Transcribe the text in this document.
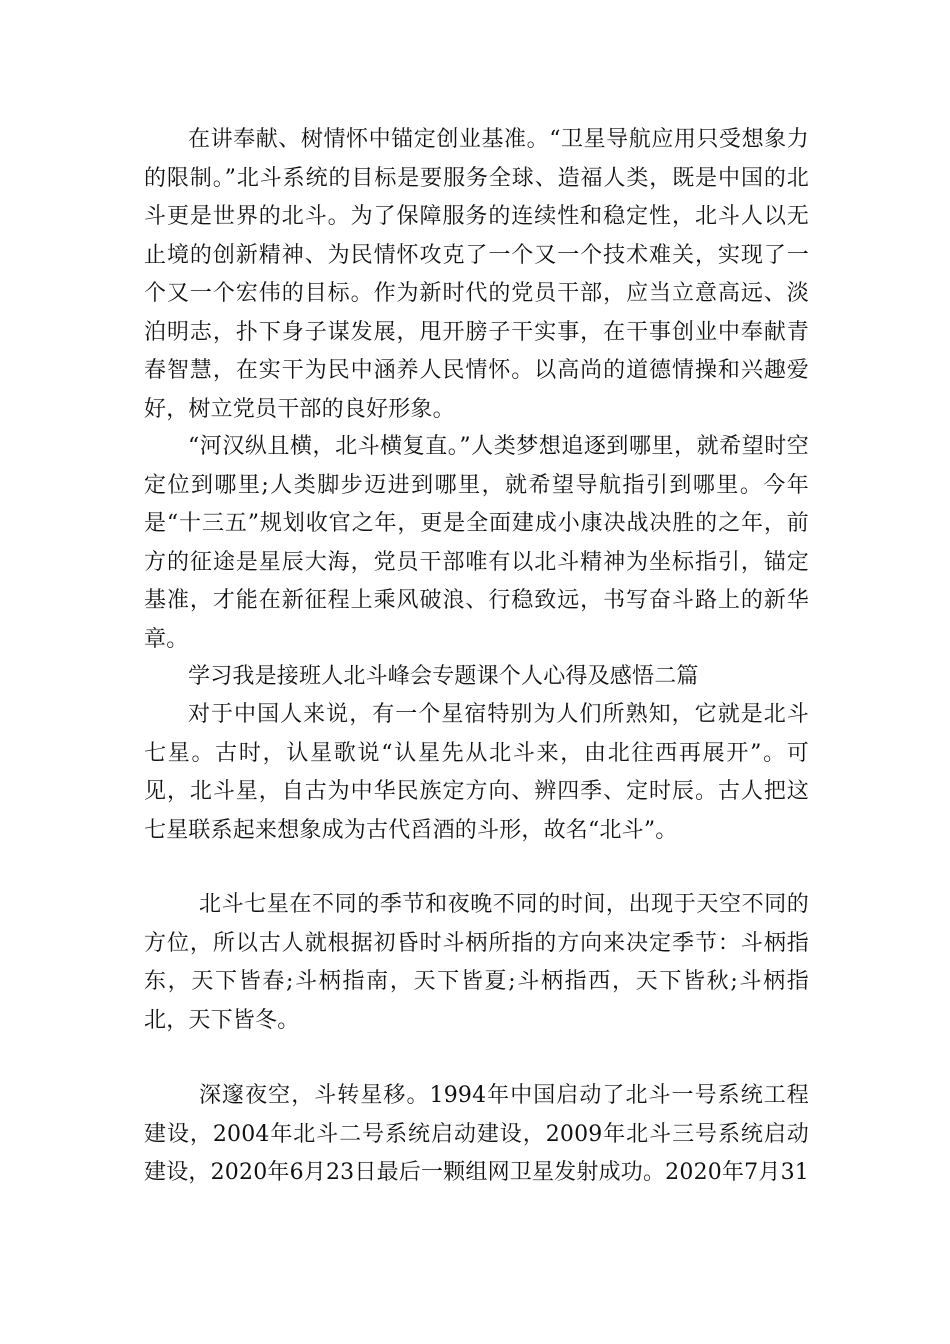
在讲奉献、树情怀中锚定创业基准。“卫星导航应用只受想象力的限制。”北斗系统的目标是要服务全球、造福人类，既是中国的北斗更是世界的北斗。为了保障服务的连续性和稳定性，北斗人以无止境的创新精神、为民情怀攻克了一个又一个技术难关，实现了一个又一个宏伟的目标。作为新时代的党员干部，应当立意高远、淡泊明志，扑下身子谋发展，甩开膀子干实事，在干事创业中奉献青春智慧，在实干为民中涵养人民情怀。以高尚的道德情操和兴趣爱好，树立党员干部的良好形象。

“河汉纵且横，北斗横复直。”人类梦想追逐到哪里，就希望时空定位到哪里;人类脚步迈进到哪里，就希望导航指引到哪里。今年是“十三五”规划收官之年，更是全面建成小康决战决胜的之年，前方的征途是星辰大海，党员干部唯有以北斗精神为坐标指引，锚定基准，才能在新征程上乘风破浪、行稳致远，书写奋斗路上的新华章。

学习我是接班人北斗峰会专题课个人心得及感悟二篇

对于中国人来说，有一个星宿特别为人们所熟知，它就是北斗七星。古时，认星歌说“认星先从北斗来，由北往西再展开”。可见，北斗星，自古为中华民族定方向、辨四季、定时辰。古人把这七星联系起来想象成为古代舀酒的斗形，故名“北斗”。

北斗七星在不同的季节和夜晚不同的时间，出现于天空不同的方位，所以古人就根据初昏时斗柄所指的方向来决定季节：斗柄指东，天下皆春;斗柄指南，天下皆夏;斗柄指西，天下皆秋;斗柄指北，天下皆冬。

深邃夜空，斗转星移。1994年中国启动了北斗一号系统工程建设，2004年北斗二号系统启动建设，2009年北斗三号系统启动建设，2020年6月23日最后一颗组网卫星发射成功。2020年7月31
